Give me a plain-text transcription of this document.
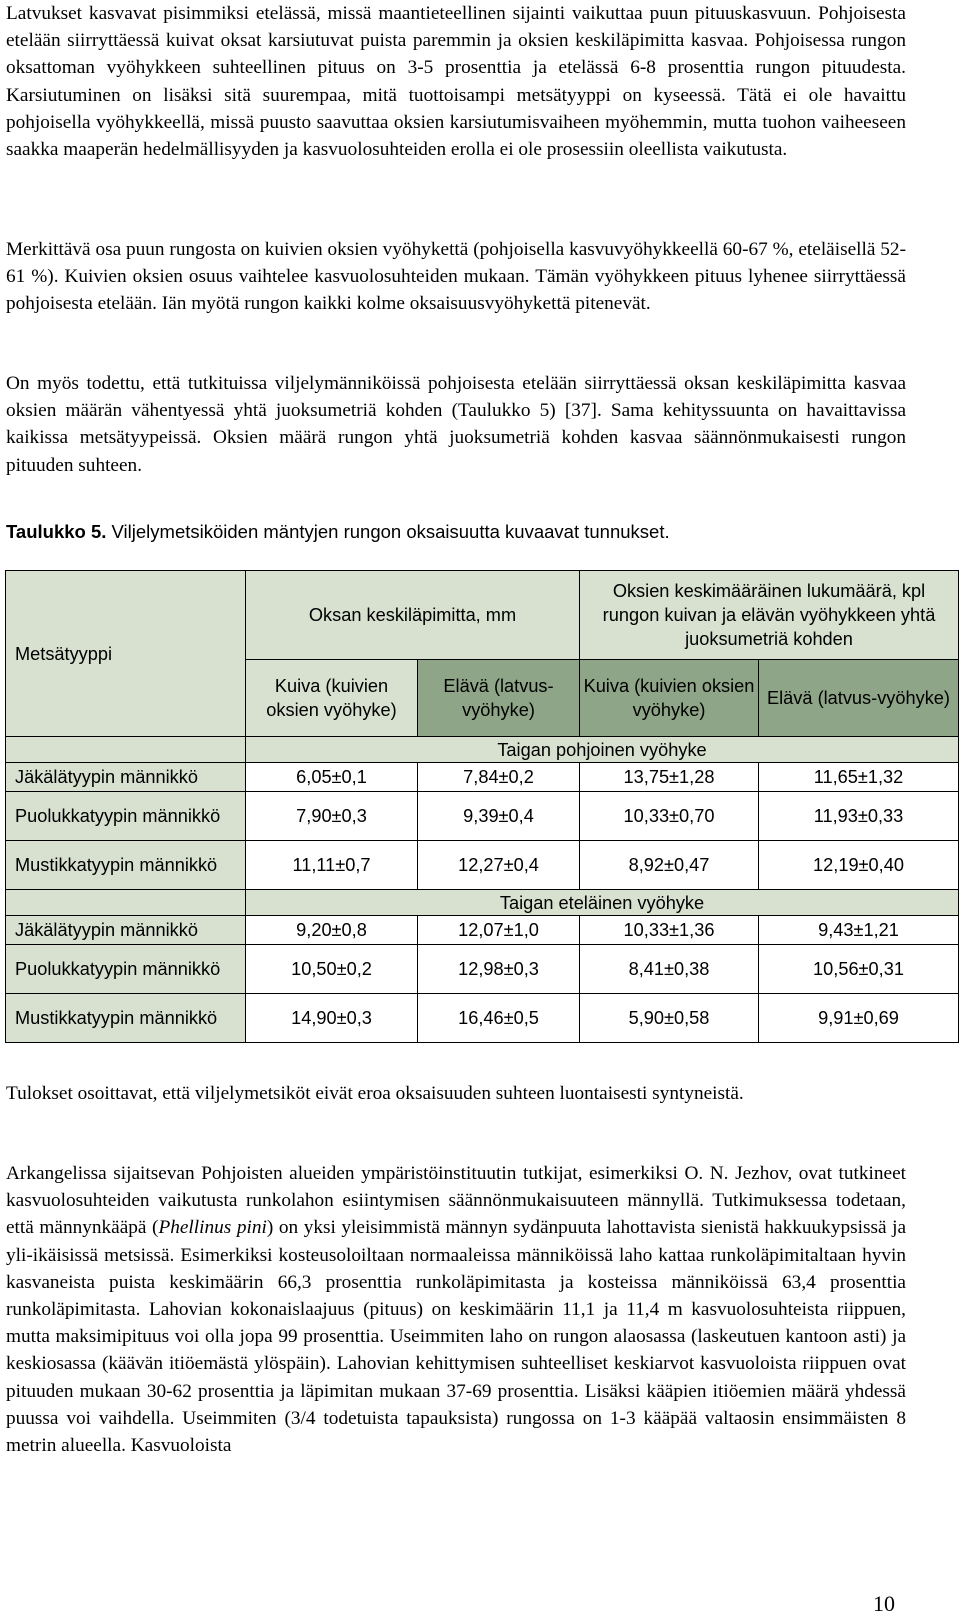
Latvukset kasvavat pisimmiksi etelässä, missä maantieteellinen sijainti vaikuttaa puun pituuskasvuun. Pohjoisesta etelään siirryttäessä kuivat oksat karsiutuvat puista paremmin ja oksien keskiläpimitta kasvaa. Pohjoisessa rungon oksattoman vyöhykkeen suhteellinen pituus on 3-5 prosenttia ja etelässä 6-8 prosenttia rungon pituudesta. Karsiutuminen on lisäksi sitä suurempaa, mitä tuottoisampi metsätyyppi on kyseessä. Tätä ei ole havaittu pohjoisella vyöhykkeellä, missä puusto saavuttaa oksien karsiutumisvaiheen myöhemmin, mutta tuohon vaiheeseen saakka maaperän hedelmällisyyden ja kasvuolosuhteiden erolla ei ole prosessiin oleellista vaikutusta.

Merkittävä osa puun rungosta on kuivien oksien vyöhykettä (pohjoisella kasvuvyöhykkeellä 60-67 %, eteläisellä 52-61 %). Kuivien oksien osuus vaihtelee kasvuolosuhteiden mukaan. Tämän vyöhykkeen pituus lyhenee siirryttäessä pohjoisesta etelään. Iän myötä rungon kaikki kolme oksaisuusvyöhykettä pitenevät.

On myös todettu, että tutkituissa viljelymänniköissä pohjoisesta etelään siirryttäessä oksan keskiläpimitta kasvaa oksien määrän vähentyessä yhtä juoksumetriä kohden (Taulukko 5) [37]. Sama kehityssuunta on havaittavissa kaikissa metsätyypeissä. Oksien määrä rungon yhtä juoksumetriä kohden kasvaa säännönmukaisesti rungon pituuden suhteen.

Taulukko 5. Viljelymetsiköiden mäntyjen rungon oksaisuutta kuvaavat tunnukset.

Metsätyyppi	Oksan keskiläpimitta, mm		Oksien keskimääräinen lukumäärä, kpl rungon kuivan ja elävän vyöhykkeen yhtä juoksumetriä kohden	
	Kuiva (kuivien oksien vyöhyke)	Elävä (latvus-vyöhyke)	Kuiva (kuivien oksien vyöhyke)	Elävä (latvus-vyöhyke)
	Taigan pohjoinen vyöhyke			
Jäkälätyypin männikkö	6,05±0,1	7,84±0,2	13,75±1,28	11,65±1,32
Puolukkatyypin männikkö	7,90±0,3	9,39±0,4	10,33±0,70	11,93±0,33
Mustikkatyypin männikkö	11,11±0,7	12,27±0,4	8,92±0,47	12,19±0,40
	Taigan eteläinen vyöhyke			
Jäkälätyypin männikkö	9,20±0,8	12,07±1,0	10,33±1,36	9,43±1,21
Puolukkatyypin männikkö	10,50±0,2	12,98±0,3	8,41±0,38	10,56±0,31
Mustikkatyypin männikkö	14,90±0,3	16,46±0,5	5,90±0,58	9,91±0,69

Tulokset osoittavat, että viljelymetsiköt eivät eroa oksaisuuden suhteen luontaisesti syntyneistä.

Arkangelissa sijaitsevan Pohjoisten alueiden ympäristöinstituutin tutkijat, esimerkiksi O. N. Jezhov, ovat tutkineet kasvuolosuhteiden vaikutusta runkolahon esiintymisen säännönmukaisuuteen männyllä. Tutkimuksessa todetaan, että männynkääpä (Phellinus pini) on yksi yleisimmistä männyn sydänpuuta lahottavista sienistä hakkuukypsissä ja yli-ikäisissä metsissä. Esimerkiksi kosteusoloiltaan normaaleissa männiköissä laho kattaa runkoläpimitaltaan hyvin kasvaneista puista keskimäärin 66,3 prosenttia runkoläpimitasta ja kosteissa männiköissä 63,4 prosenttia runkoläpimitasta. Lahovian kokonaislaajuus (pituus) on keskimäärin 11,1 ja 11,4 m kasvuolosuhteista riippuen, mutta maksimipituus voi olla jopa 99 prosenttia. Useimmiten laho on rungon alaosassa (laskeutuen kantoon asti) ja keskiosassa (käävän itiöemästä ylöspäin). Lahovian kehittymisen suhteelliset keskiarvot kasvuoloista riippuen ovat pituuden mukaan 30-62 prosenttia ja läpimitan mukaan 37-69 prosenttia. Lisäksi kääpien itiöemien määrä yhdessä puussa voi vaihdella. Useimmiten (3/4 todetuista tapauksista) rungossa on 1-3 kääpää valtaosin ensimmäisten 8 metrin alueella. Kasvuoloista

10
